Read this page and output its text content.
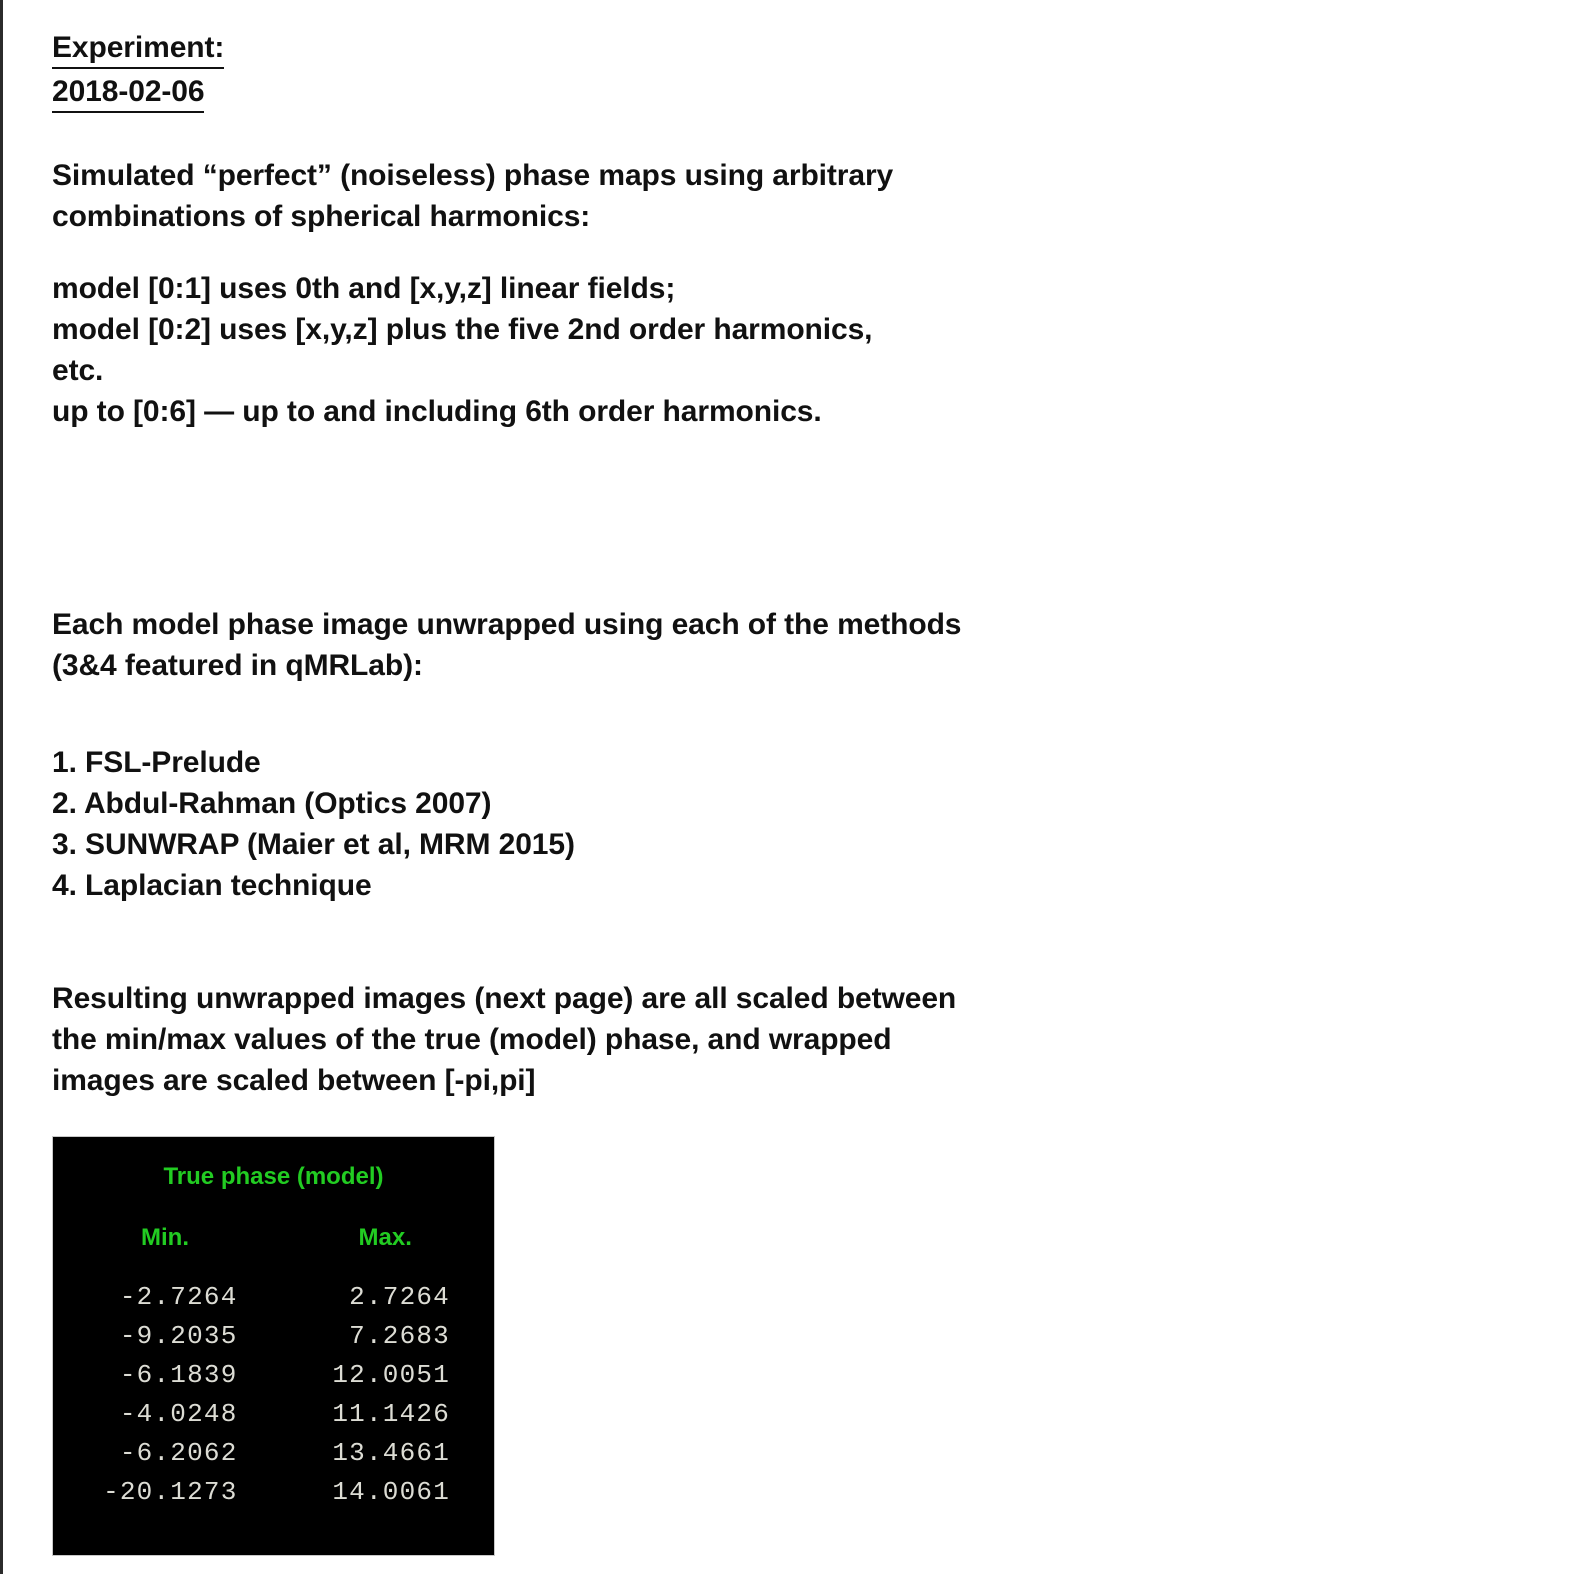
Experiment:
2018-02-06
Simulated “perfect” (noiseless) phase maps using arbitrary
combinations of spherical harmonics:
model [0:1] uses 0th and [x,y,z] linear fields;
model [0:2] uses [x,y,z] plus the five 2nd order harmonics,
etc.
up to [0:6] — up to and including 6th order harmonics.
Each model phase image unwrapped using each of the methods
(3&4 featured in qMRLab):
1. FSL-Prelude
2. Abdul-Rahman (Optics 2007)
3. SUNWRAP (Maier et al, MRM 2015)
4. Laplacian technique
Resulting unwrapped images (next page) are all scaled between
the min/max values of the true (model) phase, and wrapped
images are scaled between [-pi,pi]
True phase (model)
Min.	Max.
-2.7264	2.7264
-9.2035	7.2683
-6.1839	12.0051
-4.0248	11.1426
-6.2062	13.4661
-20.1273	14.0061
